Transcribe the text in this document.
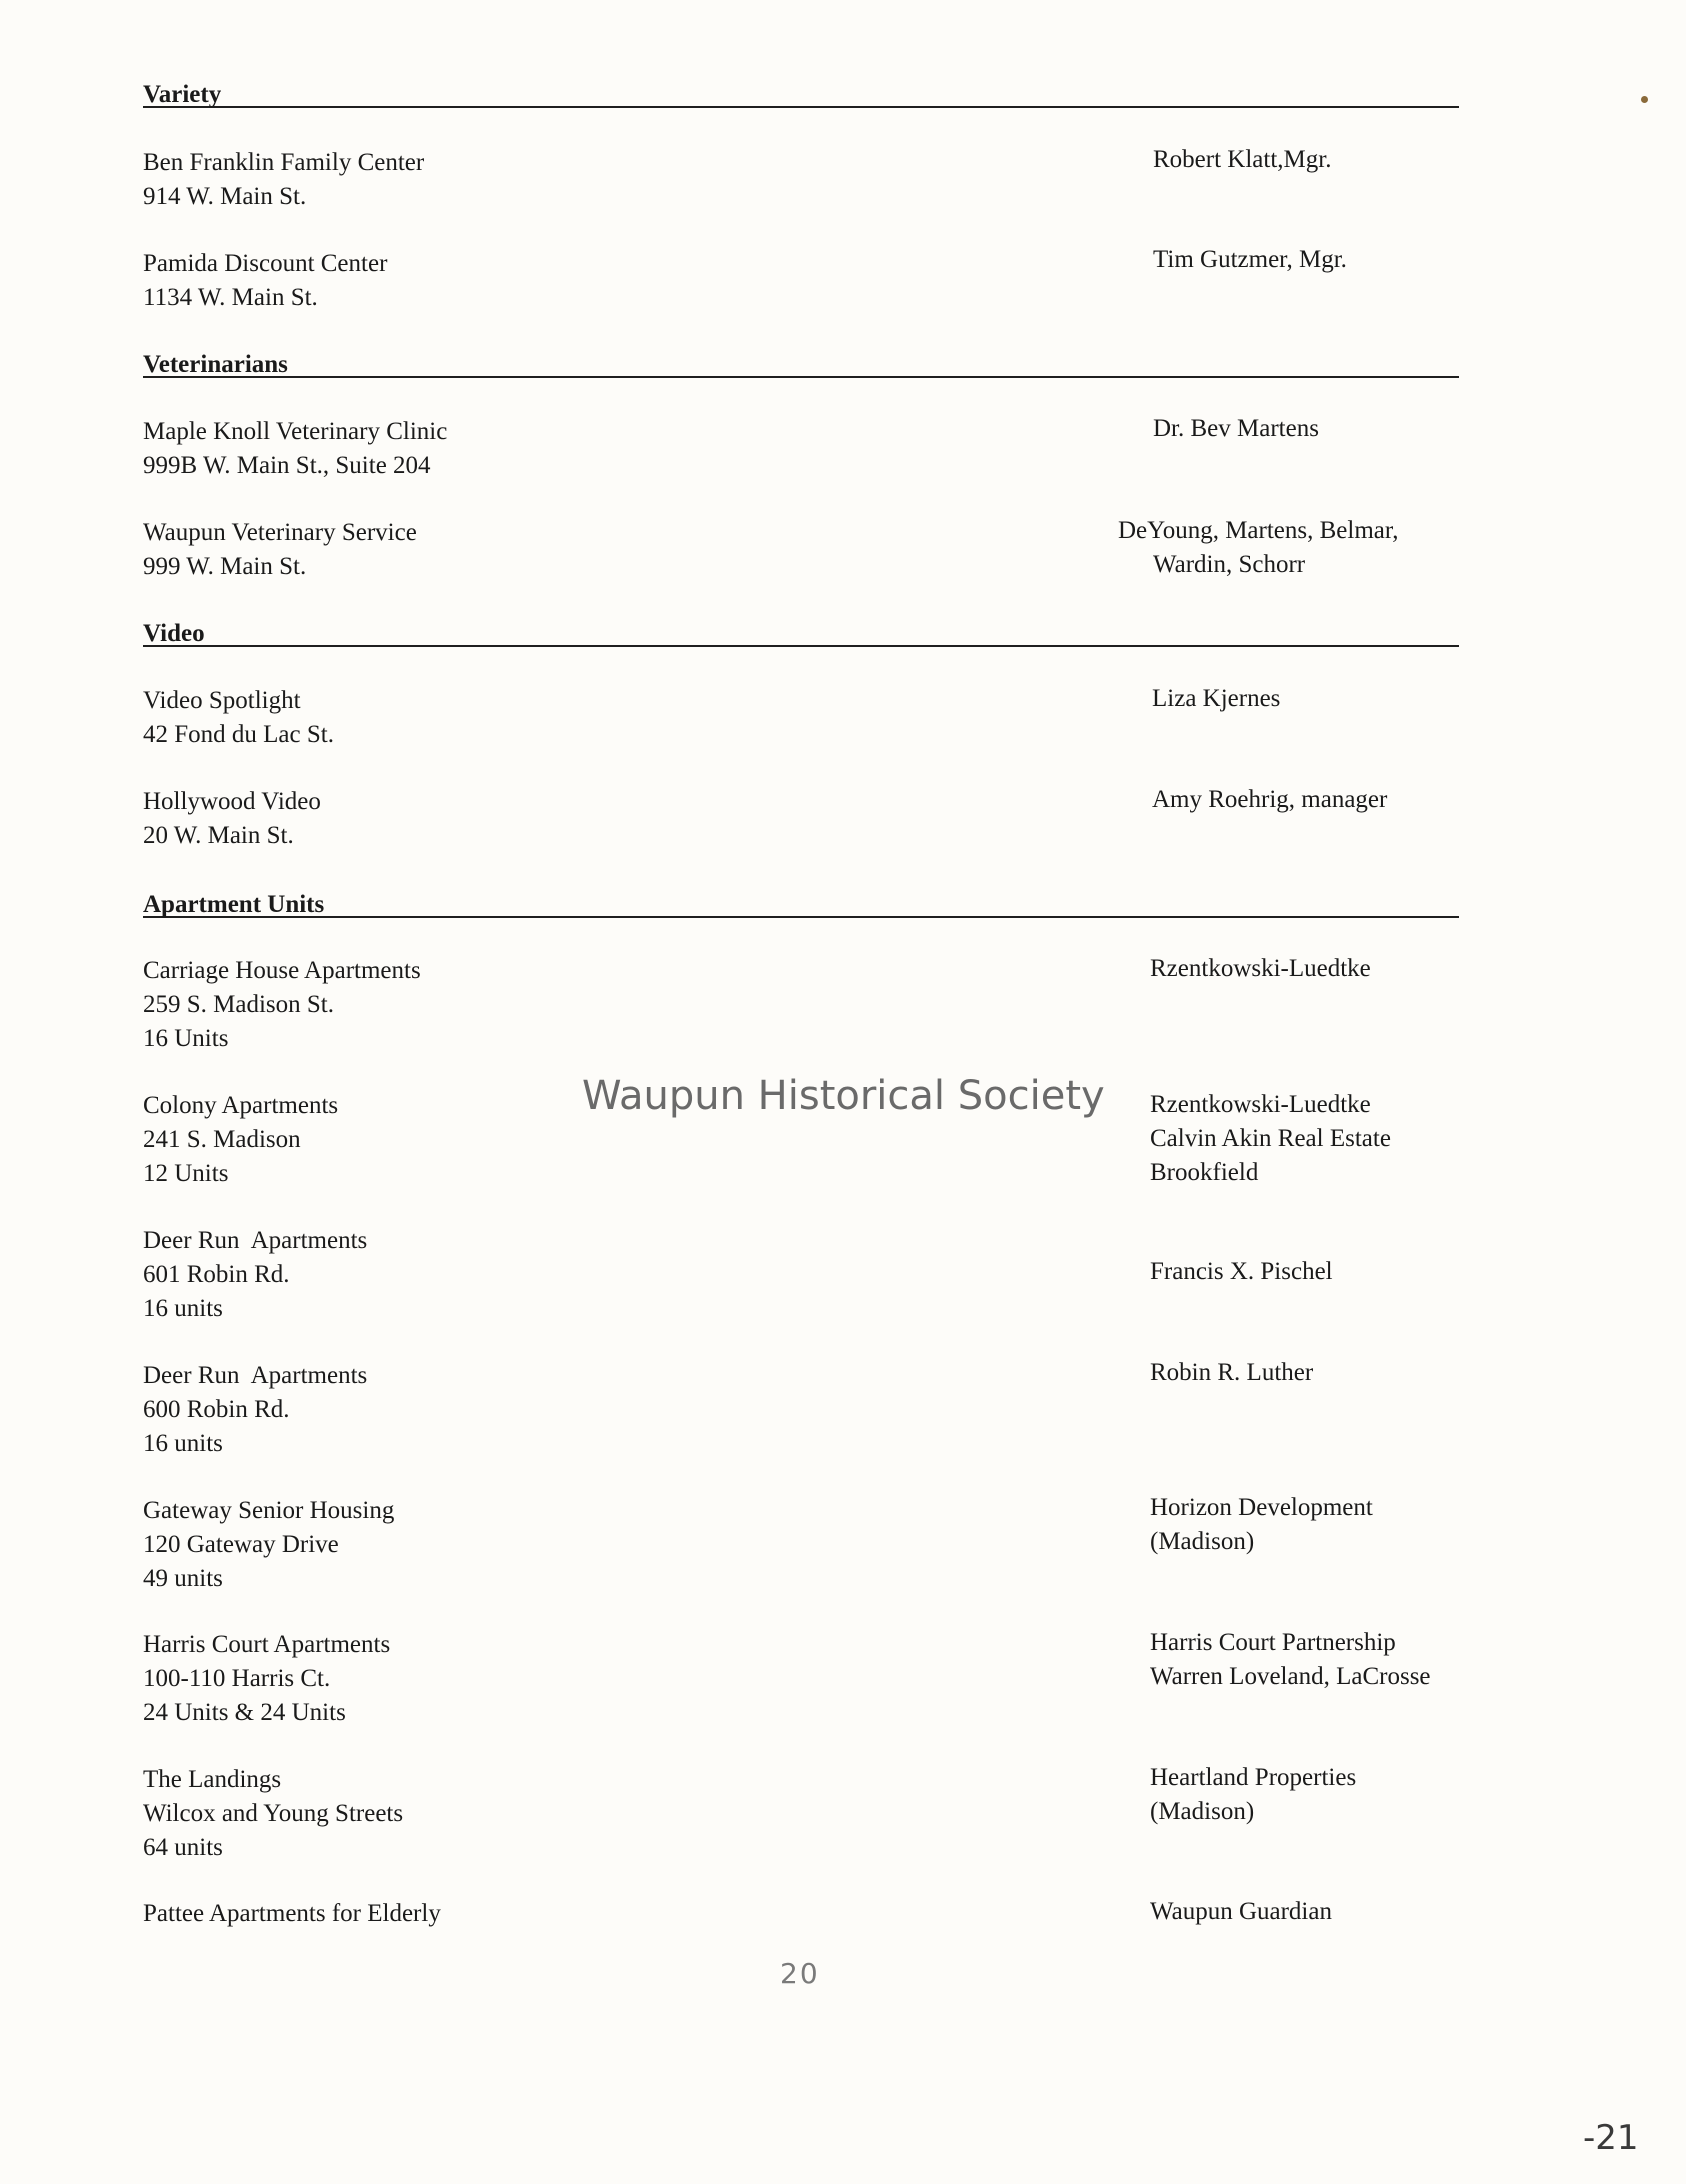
Variety
Ben Franklin Family Center
914 W. Main St.
Robert Klatt,Mgr.
Pamida Discount Center
1134 W. Main St.
Tim Gutzmer, Mgr.
Veterinarians
Maple Knoll Veterinary Clinic
999B W. Main St., Suite 204
Dr. Bev Martens
Waupun Veterinary Service
999 W. Main St.
DeYoung, Martens, Belmar,
Wardin, Schorr
Video
Video Spotlight
42 Fond du Lac St.
Liza Kjernes
Hollywood Video
20 W. Main St.
Amy Roehrig, manager
Apartment Units
Carriage House Apartments
259 S. Madison St.
16 Units
Rzentkowski-Luedtke
Colony Apartments
241 S. Madison
12 Units
Rzentkowski-Luedtke
Calvin Akin Real Estate
Brookfield
Deer Run  Apartments
601 Robin Rd.
16 units
Francis X. Pischel
Deer Run  Apartments
600 Robin Rd.
16 units
Robin R. Luther
Gateway Senior Housing
120 Gateway Drive
49 units
Horizon Development
(Madison)
Harris Court Apartments
100-110 Harris Ct.
24 Units & 24 Units
Harris Court Partnership
Warren Loveland, LaCrosse
The Landings
Wilcox and Young Streets
64 units
Heartland Properties
(Madison)
Pattee Apartments for Elderly	Waupun Guardian
Waupun Historical Society
20
-21
